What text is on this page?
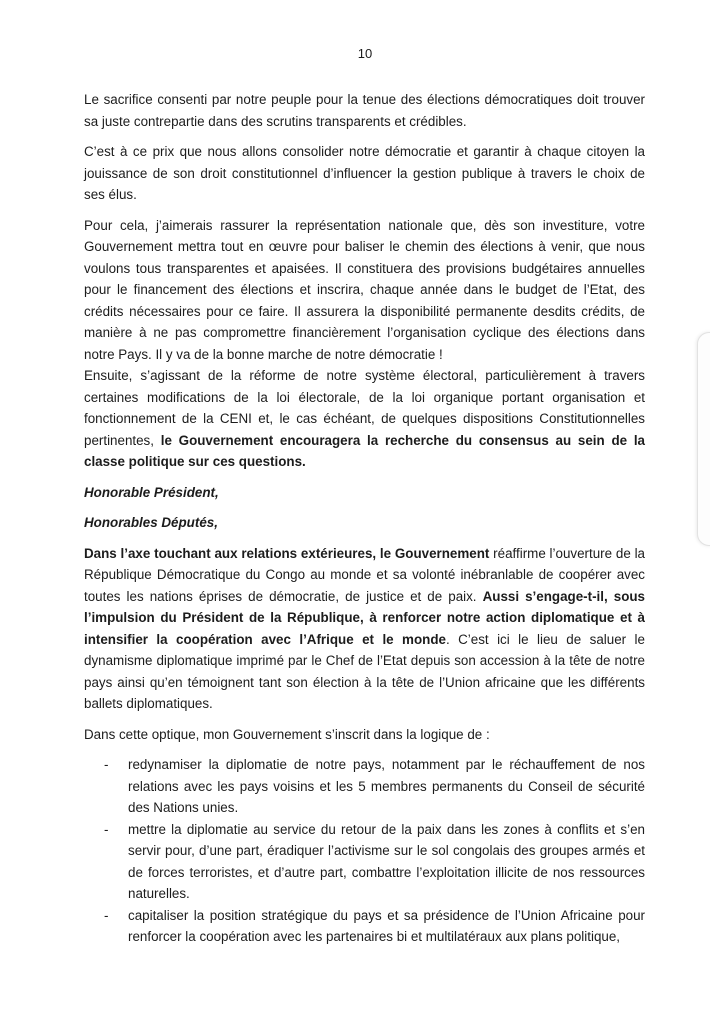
10

Le sacrifice consenti par notre peuple pour la tenue des élections démocratiques doit trouver sa juste contrepartie dans des scrutins transparents et crédibles.

C’est à ce prix que nous allons consolider notre démocratie et garantir à chaque citoyen la jouissance de son droit constitutionnel d’influencer la gestion publique à travers le choix de ses élus.

Pour cela, j’aimerais rassurer la représentation nationale que, dès son investiture, votre Gouvernement mettra tout en œuvre pour baliser le chemin des élections à venir, que nous voulons tous transparentes et apaisées. Il constituera des provisions budgétaires annuelles pour le financement des élections et inscrira, chaque année dans le budget de l’Etat, des crédits nécessaires pour ce faire. Il assurera la disponibilité permanente desdits crédits, de manière à ne pas compromettre financièrement l’organisation cyclique des élections dans notre Pays. Il y va de la bonne marche de notre démocratie !

Ensuite, s’agissant de la réforme de notre système électoral, particulièrement à travers certaines modifications de la loi électorale, de la loi organique portant organisation et fonctionnement de la CENI et, le cas échéant, de quelques dispositions Constitutionnelles pertinentes, le Gouvernement encouragera la recherche du consensus au sein de la classe politique sur ces questions.

Honorable Président,

Honorables Députés,

Dans l’axe touchant aux relations extérieures, le Gouvernement réaffirme l’ouverture de la République Démocratique du Congo au monde et sa volonté inébranlable de coopérer avec toutes les nations éprises de démocratie, de justice et de paix. Aussi s’engage-t-il, sous l’impulsion du Président de la République, à renforcer notre action diplomatique et à intensifier la coopération avec l’Afrique et le monde. C’est ici le lieu de saluer le dynamisme diplomatique imprimé par le Chef de l’Etat depuis son accession à la tête de notre pays ainsi qu’en témoignent tant son élection à la tête de l’Union africaine que les différents ballets diplomatiques.

Dans cette optique, mon Gouvernement s’inscrit dans la logique de :

- redynamiser la diplomatie de notre pays, notamment par le réchauffement de nos relations avec les pays voisins et les 5 membres permanents du Conseil de sécurité des Nations unies.
- mettre la diplomatie au service du retour de la paix dans les zones à conflits et s’en servir pour, d’une part, éradiquer l’activisme sur le sol congolais des groupes armés et de forces terroristes, et d’autre part, combattre l’exploitation illicite de nos ressources naturelles.
- capitaliser la position stratégique du pays et sa présidence de l’Union Africaine pour renforcer la coopération avec les partenaires bi et multilatéraux aux plans politique,
